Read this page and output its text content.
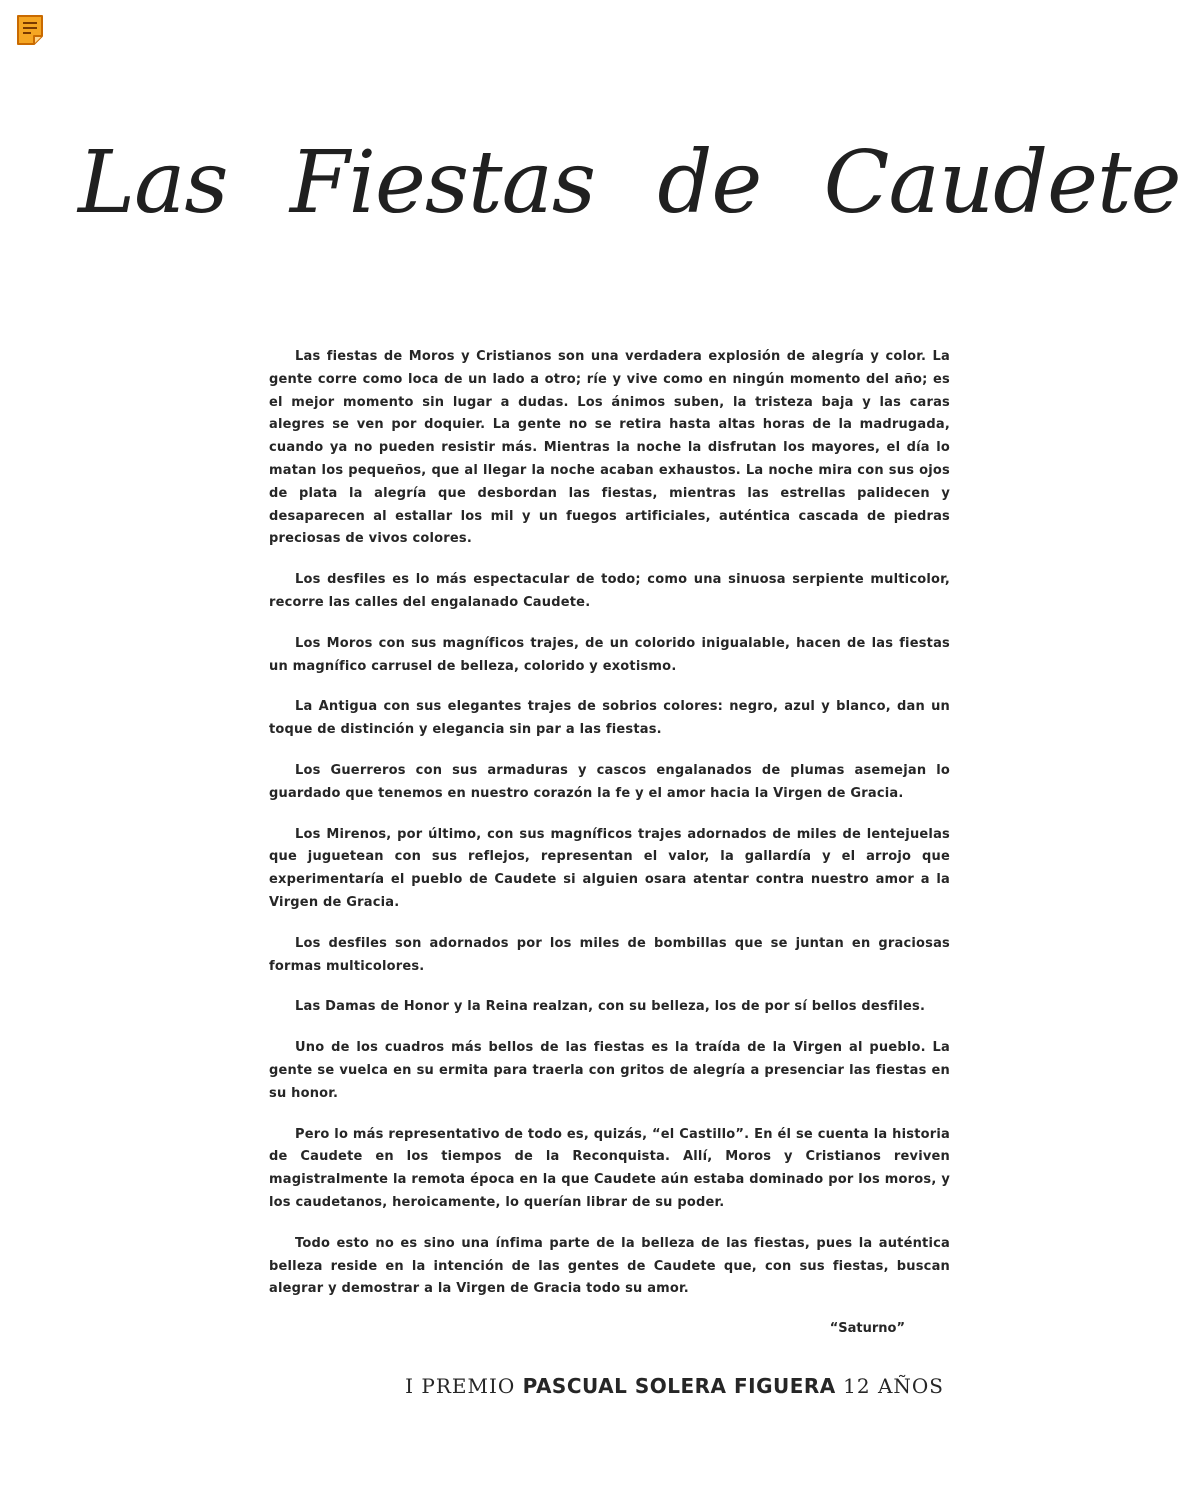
Las Fiestas de Caudete

Las fiestas de Moros y Cristianos son una verdadera explosión de alegría y color. La gente corre como loca de un lado a otro; ríe y vive como en ningún momento del año; es el mejor momento sin lugar a dudas. Los ánimos suben, la tristeza baja y las caras alegres se ven por doquier. La gente no se retira hasta altas horas de la madrugada, cuando ya no pueden resistir más. Mientras la noche la disfrutan los mayores, el día lo matan los pequeños, que al llegar la noche acaban exhaustos. La noche mira con sus ojos de plata la alegría que desbordan las fiestas, mientras las estrellas palidecen y desaparecen al estallar los mil y un fuegos artificiales, auténtica cascada de piedras preciosas de vivos colores.

Los desfiles es lo más espectacular de todo; como una sinuosa serpiente multicolor, recorre las calles del engalanado Caudete.

Los Moros con sus magníficos trajes, de un colorido inigualable, hacen de las fiestas un magnífico carrusel de belleza, colorido y exotismo.

La Antigua con sus elegantes trajes de sobrios colores: negro, azul y blanco, dan un toque de distinción y elegancia sin par a las fiestas.

Los Guerreros con sus armaduras y cascos engalanados de plumas asemejan lo guardado que tenemos en nuestro corazón la fe y el amor hacia la Virgen de Gracia.

Los Mirenos, por último, con sus magníficos trajes adornados de miles de lentejuelas que juguetean con sus reflejos, representan el valor, la gallardía y el arrojo que experimentaría el pueblo de Caudete si alguien osara atentar contra nuestro amor a la Virgen de Gracia.

Los desfiles son adornados por los miles de bombillas que se juntan en graciosas formas multicolores.

Las Damas de Honor y la Reina realzan, con su belleza, los de por sí bellos desfiles.

Uno de los cuadros más bellos de las fiestas es la traída de la Virgen al pueblo. La gente se vuelca en su ermita para traerla con gritos de alegría a presenciar las fiestas en su honor.

Pero lo más representativo de todo es, quizás, “el Castillo”. En él se cuenta la historia de Caudete en los tiempos de la Reconquista. Allí, Moros y Cristianos reviven magistralmente la remota época en la que Caudete aún estaba dominado por los moros, y los caudetanos, heroicamente, lo querían librar de su poder.

Todo esto no es sino una ínfima parte de la belleza de las fiestas, pues la auténtica belleza reside en la intención de las gentes de Caudete que, con sus fiestas, buscan alegrar y demostrar a la Virgen de Gracia todo su amor.

“Saturno”
I PREMIO PASCUAL SOLERA FIGUERA 12 AÑOS
